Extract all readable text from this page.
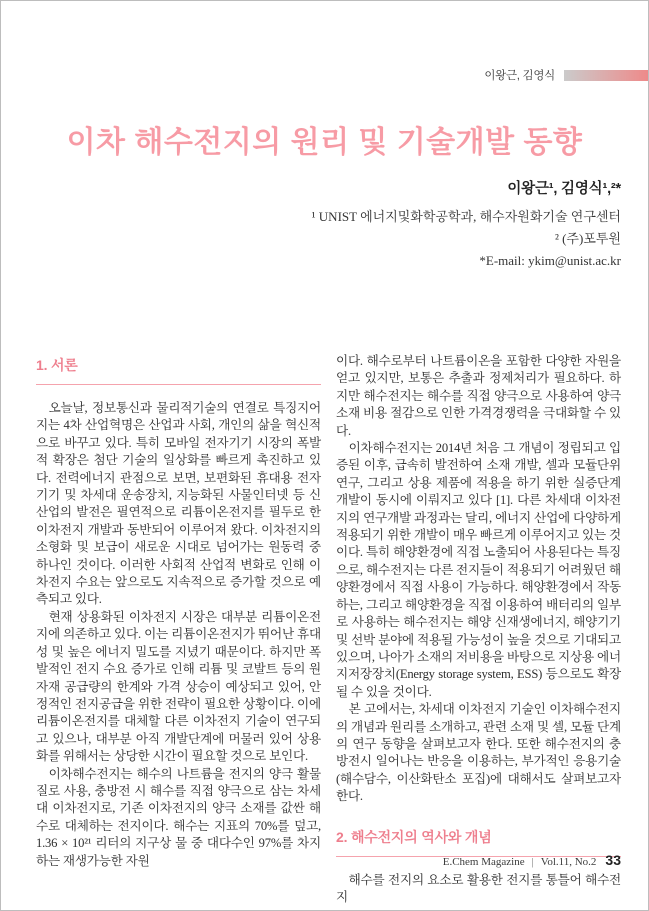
이왕근, 김영식
이차 해수전지의 원리 및 기술개발 동향

이왕근¹, 김영식¹,²*

¹ UNIST 에너지및화학공학과, 해수자원화기술 연구센터

² (주)포투원

*E-mail: ykim@unist.ac.kr

1. 서론

오늘날, 정보통신과 물리적기술의 연결로 특징지어지는 4차 산업혁명은 산업과 사회, 개인의 삶을 혁신적으로 바꾸고 있다. 특히 모바일 전자기기 시장의 폭발적 확장은 첨단 기술의 일상화를 빠르게 촉진하고 있다. 전력에너지 관점으로 보면, 보편화된 휴대용 전자기기 및 차세대 운송장치, 지능화된 사물인터넷 등 신산업의 발전은 필연적으로 리튬이온전지를 필두로 한 이차전지 개발과 동반되어 이루어져 왔다. 이차전지의 소형화 및 보급이 새로운 시대로 넘어가는 원동력 중 하나인 것이다. 이러한 사회적 산업적 변화로 인해 이차전지 수요는 앞으로도 지속적으로 증가할 것으로 예측되고 있다.

현재 상용화된 이차전지 시장은 대부분 리튬이온전지에 의존하고 있다. 이는 리튬이온전지가 뛰어난 휴대성 및 높은 에너지 밀도를 지녔기 때문이다. 하지만 폭발적인 전지 수요 증가로 인해 리튬 및 코발트 등의 원자재 공급량의 한계와 가격 상승이 예상되고 있어, 안정적인 전지공급을 위한 전략이 필요한 상황이다. 이에 리튬이온전지를 대체할 다른 이차전지 기술이 연구되고 있으나, 대부분 아직 개발단계에 머물러 있어 상용화를 위해서는 상당한 시간이 필요할 것으로 보인다.

이차해수전지는 해수의 나트륨을 전지의 양극 활물질로 사용, 충방전 시 해수를 직접 양극으로 삼는 차세대 이차전지로, 기존 이차전지의 양극 소재를 값싼 해수로 대체하는 전지이다. 해수는 지표의 70%를 덮고, 1.36 × 10²¹ 리터의 지구상 물 중 대다수인 97%를 차지하는 재생가능한 자원

이다. 해수로부터 나트륨이온을 포함한 다양한 자원을 얻고 있지만, 보통은 추출과 정제처리가 필요하다. 하지만 해수전지는 해수를 직접 양극으로 사용하여 양극소재 비용 절감으로 인한 가격경쟁력을 극대화할 수 있다.

이차해수전지는 2014년 처음 그 개념이 정립되고 입증된 이후, 급속히 발전하여 소재 개발, 셀과 모듈단위 연구, 그리고 상용 제품에 적용을 하기 위한 실증단계 개발이 동시에 이뤄지고 있다 [1]. 다른 차세대 이차전지의 연구개발 과정과는 달리, 에너지 산업에 다양하게 적용되기 위한 개발이 매우 빠르게 이루어지고 있는 것이다. 특히 해양환경에 직접 노출되어 사용된다는 특징으로, 해수전지는 다른 전지들이 적용되기 어려웠던 해양환경에서 직접 사용이 가능하다. 해양환경에서 작동하는, 그리고 해양환경을 직접 이용하여 배터리의 일부로 사용하는 해수전지는 해양 신재생에너지, 해양기기 및 선박 분야에 적용될 가능성이 높을 것으로 기대되고 있으며, 나아가 소재의 저비용을 바탕으로 지상용 에너지저장장치(Energy storage system, ESS) 등으로도 확장될 수 있을 것이다.

본 고에서는, 차세대 이차전지 기술인 이차해수전지의 개념과 원리를 소개하고, 관련 소재 및 셀, 모듈 단계의 연구 동향을 살펴보고자 한다. 또한 해수전지의 충방전시 일어나는 반응을 이용하는, 부가적인 응용기술(해수담수, 이산화탄소 포집)에 대해서도 살펴보고자 한다.

2. 해수전지의 역사와 개념

해수를 전지의 요소로 활용한 전지를 통틀어 해수전지

E.Chem Magazine | Vol.11, No.2 33
